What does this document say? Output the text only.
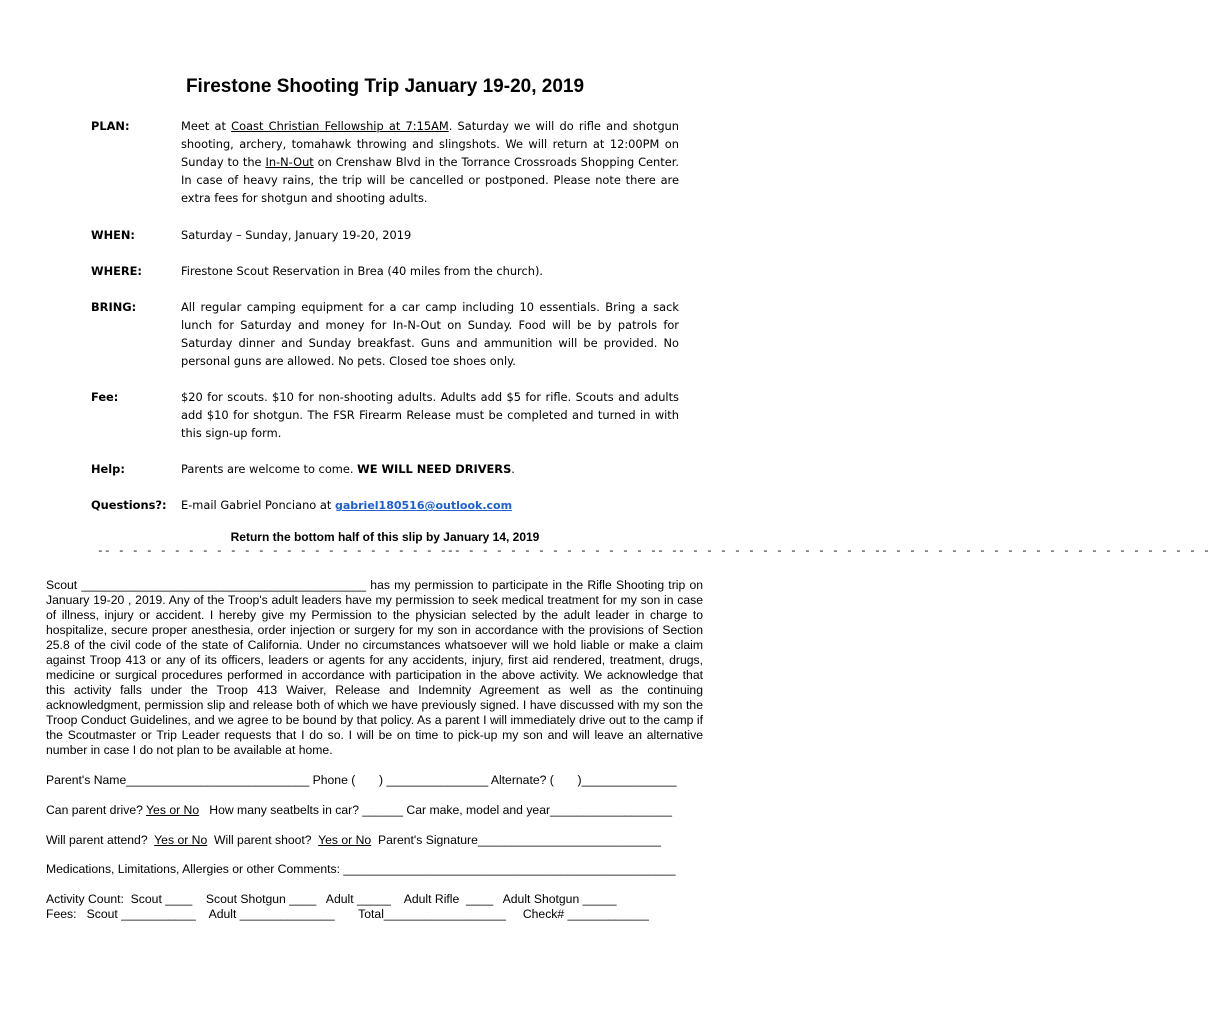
Firestone Shooting Trip January 19-20, 2019
PLAN:	Meet at Coast Christian Fellowship at 7:15AM. Saturday we will do rifle and shotgun shooting, archery, tomahawk throwing and slingshots. We will return at 12:00PM on Sunday to the In-N-Out on Crenshaw Blvd in the Torrance Crossroads Shopping Center. In case of heavy rains, the trip will be cancelled or postponed. Please note there are extra fees for shotgun and shooting adults.
WHEN:	Saturday – Sunday, January 19-20, 2019
WHERE:	Firestone Scout Reservation in Brea (40 miles from the church).
BRING:	All regular camping equipment for a car camp including 10 essentials. Bring a sack lunch for Saturday and money for In-N-Out on Sunday. Food will be by patrols for Saturday dinner and Sunday breakfast. Guns and ammunition will be provided. No personal guns are allowed. No pets. Closed toe shoes only.
Fee:	$20 for scouts. $10 for non-shooting adults. Adults add $5 for rifle. Scouts and adults add $10 for shotgun. The FSR Firearm Release must be completed and turned in with this sign-up form.
Help:	Parents are welcome to come. WE WILL NEED DRIVERS.
Questions?: E-mail Gabriel Ponciano at gabriel180516@outlook.com
Return the bottom half of this slip by January 14, 2019
-- - - - - - - - - - - - - - - - - - - - - - - - --- - - - - - - - - - - - - - -- -- - - - - - - - - - - - - - -- - - - - - - - - - - - - - - - - - - - - - - -
Scout __________________________________________ has my permission to participate in the Rifle Shooting trip on January 19-20 , 2019. Any of the Troop's adult leaders have my permission to seek medical treatment for my son in case of illness, injury or accident. I hereby give my Permission to the physician selected by the adult leader in charge to hospitalize, secure proper anesthesia, order injection or surgery for my son in accordance with the provisions of Section 25.8 of the civil code of the state of California. Under no circumstances whatsoever will we hold liable or make a claim against Troop 413 or any of its officers, leaders or agents for any accidents, injury, first aid rendered, treatment, drugs, medicine or surgical procedures performed in accordance with participation in the above activity. We acknowledge that this activity falls under the Troop 413 Waiver, Release and Indemnity Agreement as well as the continuing acknowledgment, permission slip and release both of which we have previously signed. I have discussed with my son the Troop Conduct Guidelines, and we agree to be bound by that policy. As a parent I will immediately drive out to the camp if the Scoutmaster or Trip Leader requests that I do so. I will be on time to pick-up my son and will leave an alternative number in case I do not plan to be available at home.
Parent's Name___________________________ Phone (       ) _______________ Alternate? (       )______________
Can parent drive? Yes or No   How many seatbelts in car? ______ Car make, model and year__________________
Will parent attend?  Yes or No  Will parent shoot?  Yes or No  Parent's Signature___________________________
Medications, Limitations, Allergies or other Comments: _________________________________________________
Activity Count:  Scout ____    Scout Shotgun ____   Adult _____    Adult Rifle  ____   Adult Shotgun _____
Fees:   Scout ___________    Adult ______________       Total__________________     Check# ____________
